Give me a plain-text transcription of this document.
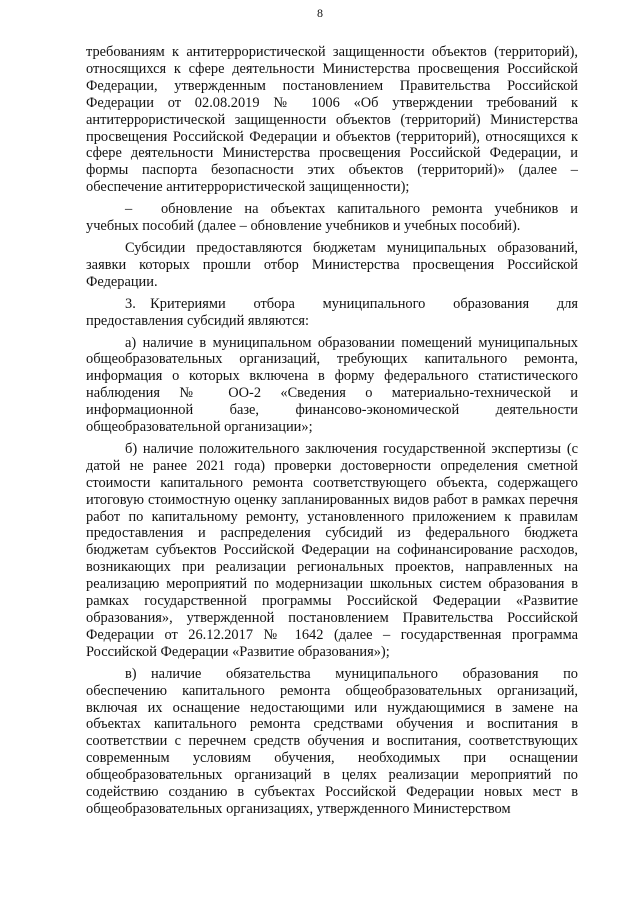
8

требованиям к антитеррористической защищенности объектов (территорий), относящихся к сфере деятельности Министерства просвещения Российской Федерации, утвержденным постановлением Правительства Российской Федерации от 02.08.2019 № 1006 «Об утверждении требований к антитеррористической защищенности объектов (территорий) Министерства просвещения Российской Федерации и объектов (территорий), относящихся к сфере деятельности Министерства просвещения Российской Федерации, и формы паспорта безопасности этих объектов (территорий)» (далее – обеспечение антитеррористической защищенности);

–  обновление на объектах капитального ремонта учебников и учебных пособий (далее – обновление учебников и учебных пособий).

Субсидии предоставляются бюджетам муниципальных образований, заявки которых прошли отбор Министерства просвещения Российской Федерации.

3. Критериями отбора муниципального образования для предоставления субсидий являются:

а) наличие в муниципальном образовании помещений муниципальных общеобразовательных организаций, требующих капитального ремонта, информация о которых включена в форму федерального статистического наблюдения № ОО-2 «Сведения о материально-технической и информационной базе, финансово-экономической деятельности общеобразовательной организации»;

б) наличие положительного заключения государственной экспертизы (с датой не ранее 2021 года) проверки достоверности определения сметной стоимости капитального ремонта соответствующего объекта, содержащего итоговую стоимостную оценку запланированных видов работ в рамках перечня работ по капитальному ремонту, установленного приложением к правилам предоставления и распределения субсидий из федерального бюджета бюджетам субъектов Российской Федерации на софинансирование расходов, возникающих при реализации региональных проектов, направленных на реализацию мероприятий по модернизации школьных систем образования в рамках государственной программы Российской Федерации «Развитие образования», утвержденной постановлением Правительства Российской Федерации от 26.12.2017 № 1642 (далее – государственная программа Российской Федерации «Развитие образования»);

в) наличие обязательства муниципального образования по обеспечению капитального ремонта общеобразовательных организаций, включая их оснащение недостающими или нуждающимися в замене на объектах капитального ремонта средствами обучения и воспитания в соответствии с перечнем средств обучения и воспитания, соответствующих современным условиям обучения, необходимых при оснащении общеобразовательных организаций в целях реализации мероприятий по содействию созданию в субъектах Российской Федерации новых мест в общеобразовательных организациях, утвержденного Министерством
